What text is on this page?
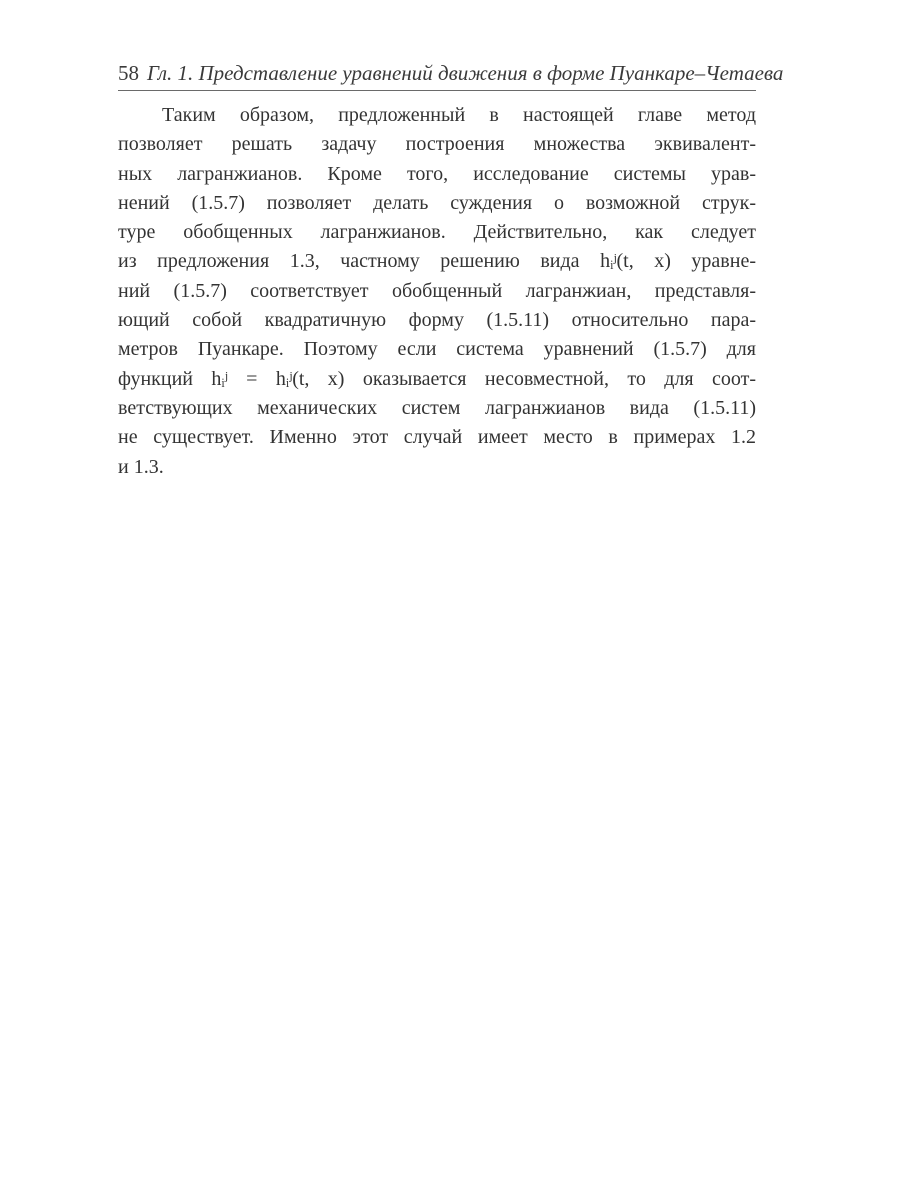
58 Гл. 1. Представление уравнений движения в форме Пуанкаре–Четаева
Таким образом, предложенный в настоящей главе метод
позволяет решать задачу построения множества эквивалент-
ных лагранжианов. Кроме того, исследование системы урав-
нений (1.5.7) позволяет делать суждения о возможной струк-
туре обобщенных лагранжианов. Действительно, как следует
из предложения 1.3, частному решению вида hᵢʲ(t, x) уравне-
ний (1.5.7) соответствует обобщенный лагранжиан, представля-
ющий собой квадратичную форму (1.5.11) относительно пара-
метров Пуанкаре. Поэтому если система уравнений (1.5.7) для
функций hᵢʲ = hᵢʲ(t, x) оказывается несовместной, то для соот-
ветствующих механических систем лагранжианов вида (1.5.11)
не существует. Именно этот случай имеет место в примерах 1.2
и 1.3.
